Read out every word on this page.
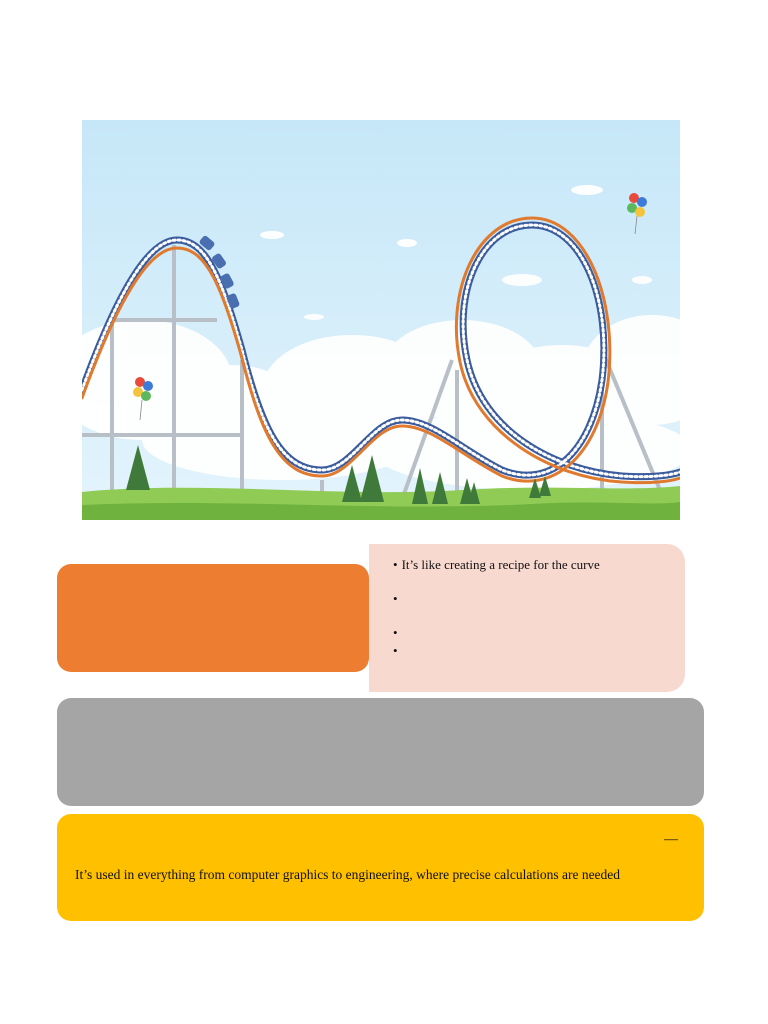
• It’s like creating a recipe for the curve
•
•
•
—
It’s used in everything from computer graphics to engineering, where precise calculations are needed
